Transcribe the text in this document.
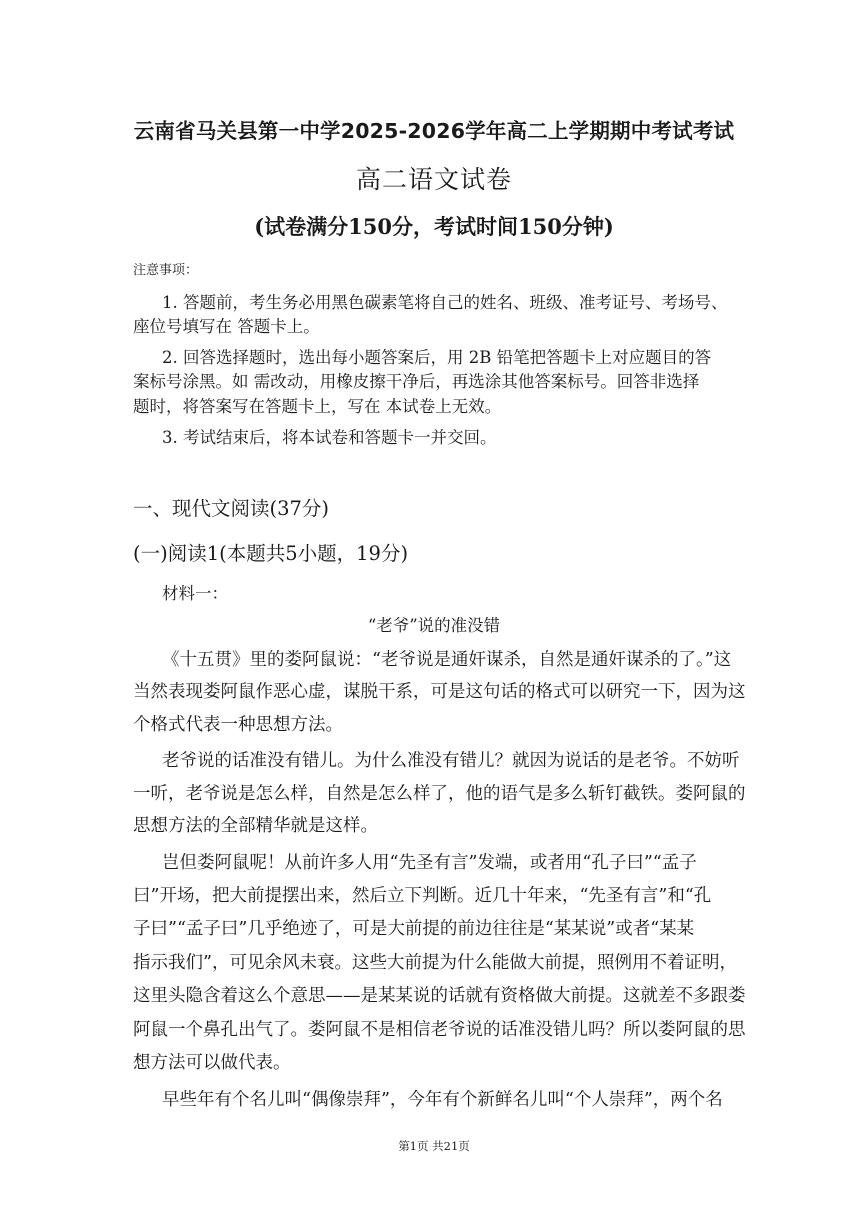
云南省马关县第一中学2025-2026学年高二上学期期中考试考试
高二语文试卷
(试卷满分150分，考试时间150分钟)
注意事项：
1. 答题前，考生务必用黑色碳素笔将自己的姓名、班级、准考证号、考场号、
座位号填写在 答题卡上。
2. 回答选择题时，选出每小题答案后，用 2B 铅笔把答题卡上对应题目的答
案标号涂黑。如 需改动，用橡皮擦干净后，再选涂其他答案标号。回答非选择
题时，将答案写在答题卡上，写在 本试卷上无效。
3. 考试结束后，将本试卷和答题卡一并交回。
一、现代文阅读(37分)
(一)阅读1(本题共5小题，19分)
材料一：
“老爷”说的准没错
《十五贯》里的娄阿鼠说：“老爷说是通奸谋杀，自然是通奸谋杀的了。”这
当然表现娄阿鼠作恶心虚，谋脱干系，可是这句话的格式可以研究一下，因为这
个格式代表一种思想方法。
老爷说的话准没有错儿。为什么准没有错儿？就因为说话的是老爷。不妨听
一听，老爷说是怎么样，自然是怎么样了，他的语气是多么斩钉截铁。娄阿鼠的
思想方法的全部精华就是这样。
岂但娄阿鼠呢！从前许多人用“先圣有言”发端，或者用“孔子曰”“孟子
曰”开场，把大前提摆出来，然后立下判断。近几十年来，“先圣有言”和“孔
子曰”“孟子曰”几乎绝迹了，可是大前提的前边往往是“某某说”或者“某某
指示我们”，可见余风未衰。这些大前提为什么能做大前提，照例用不着证明，
这里头隐含着这么个意思——是某某说的话就有资格做大前提。这就差不多跟娄
阿鼠一个鼻孔出气了。娄阿鼠不是相信老爷说的话准没错儿吗？所以娄阿鼠的思
想方法可以做代表。
早些年有个名儿叫“偶像崇拜”，今年有个新鲜名儿叫“个人崇拜”，两个名
第1页 共21页
